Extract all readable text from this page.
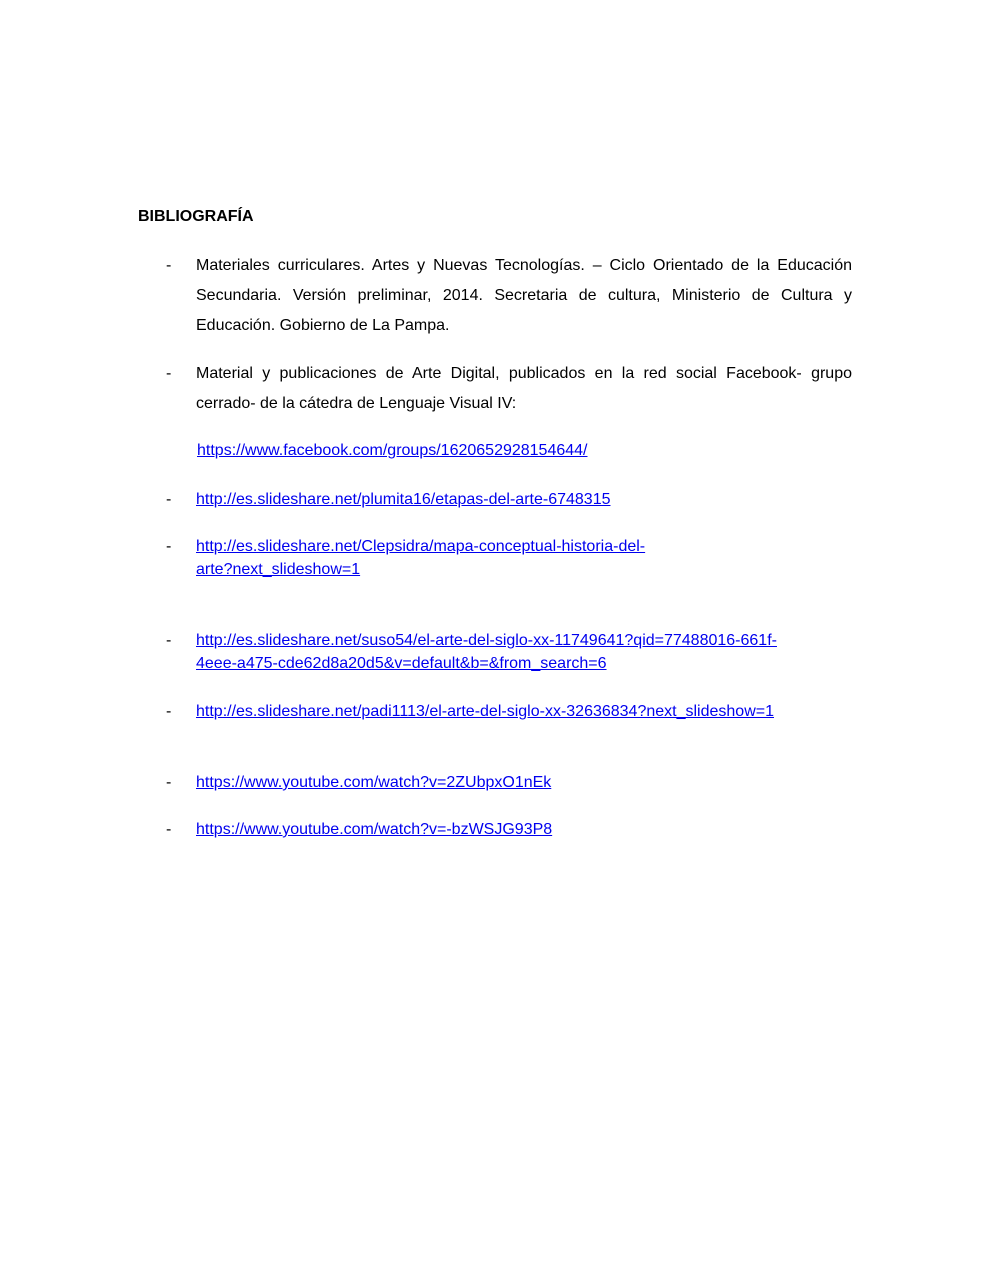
BIBLIOGRAFÍA
-	Materiales curriculares. Artes y Nuevas Tecnologías. – Ciclo Orientado de la Educación Secundaria. Versión preliminar, 2014. Secretaria de cultura, Ministerio de Cultura y Educación. Gobierno de La Pampa.
-	Material y publicaciones de Arte Digital, publicados en la red social Facebook- grupo cerrado- de la cátedra de Lenguaje Visual IV:
https://www.facebook.com/groups/1620652928154644/
-	http://es.slideshare.net/plumita16/etapas-del-arte-6748315
-	http://es.slideshare.net/Clepsidra/mapa-conceptual-historia-del-
arte?next_slideshow=1
-	http://es.slideshare.net/suso54/el-arte-del-siglo-xx-11749641?qid=77488016-661f-
4eee-a475-cde62d8a20d5&v=default&b=&from_search=6
-	http://es.slideshare.net/padi1113/el-arte-del-siglo-xx-32636834?next_slideshow=1
-	https://www.youtube.com/watch?v=2ZUbpxO1nEk
-	https://www.youtube.com/watch?v=-bzWSJG93P8
